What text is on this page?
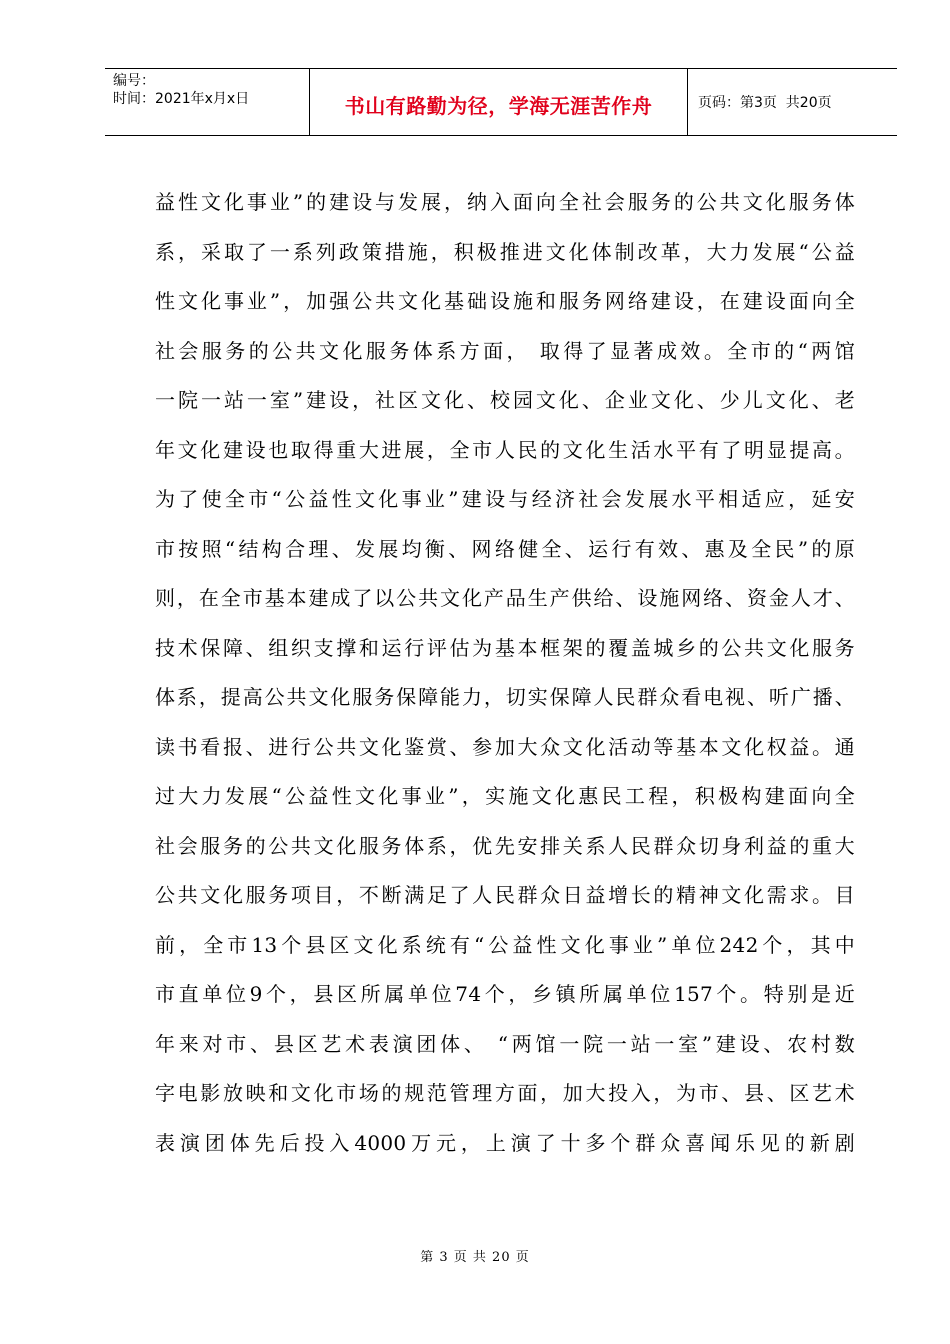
编号：
时间：2021年x月x日	书山有路勤为径，学海无涯苦作舟	页码：第3页  共20页
益性文化事业”的建设与发展，纳入面向全社会服务的公共文化服务体
系，采取了一系列政策措施，积极推进文化体制改革，大力发展“公益
性文化事业”，加强公共文化基础设施和服务网络建设，在建设面向全
社会服务的公共文化服务体系方面， 取得了显著成效。全市的“两馆
一院一站一室”建设，社区文化、校园文化、企业文化、少儿文化、老
年文化建设也取得重大进展，全市人民的文化生活水平有了明显提高。
为了使全市“公益性文化事业”建设与经济社会发展水平相适应，延安
市按照“结构合理、发展均衡、网络健全、运行有效、惠及全民”的原
则，在全市基本建成了以公共文化产品生产供给、设施网络、资金人才、
技术保障、组织支撑和运行评估为基本框架的覆盖城乡的公共文化服务
体系，提高公共文化服务保障能力，切实保障人民群众看电视、听广播、
读书看报、进行公共文化鉴赏、参加大众文化活动等基本文化权益。通
过大力发展“公益性文化事业”，实施文化惠民工程，积极构建面向全
社会服务的公共文化服务体系，优先安排关系人民群众切身利益的重大
公共文化服务项目，不断满足了人民群众日益增长的精神文化需求。目
前，全市13个县区文化系统有“公益性文化事业”单位242个，其中
市直单位9个，县区所属单位74个，乡镇所属单位157个。特别是近
年来对市、县区艺术表演团体、 “两馆一院一站一室”建设、农村数
字电影放映和文化市场的规范管理方面，加大投入，为市、县、区艺术
表演团体先后投入4000万元，上演了十多个群众喜闻乐见的新剧
第 3 页 共 20 页
